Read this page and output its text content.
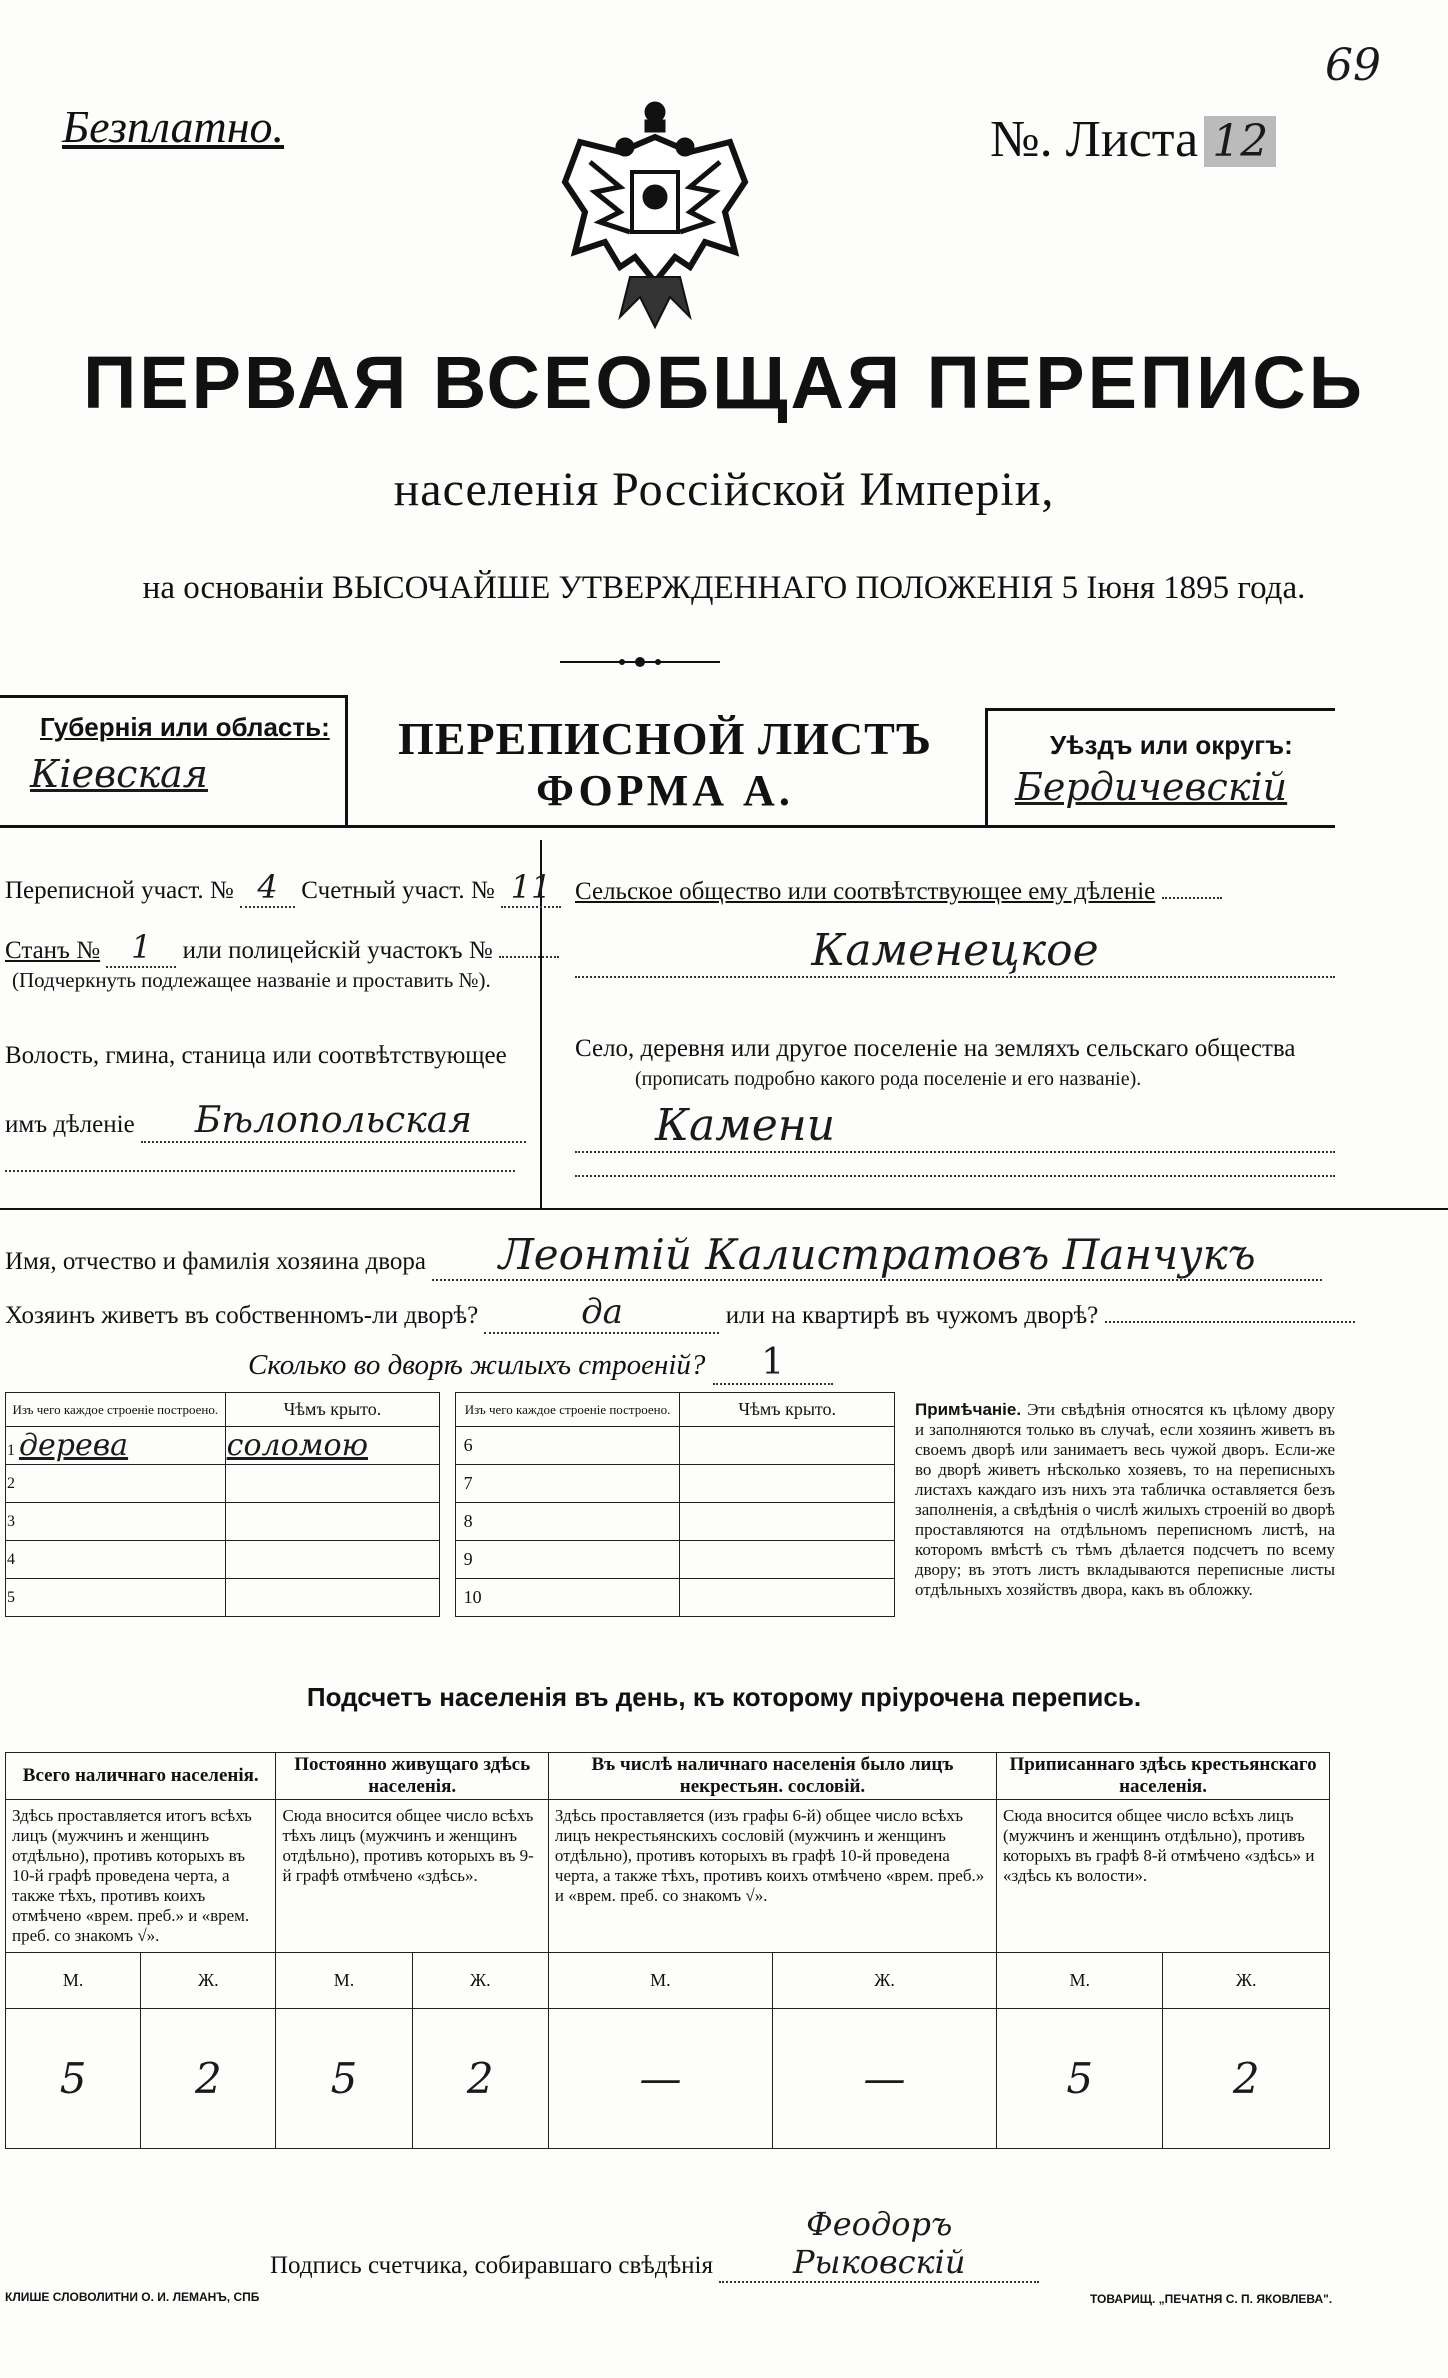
69
Безплатно.	№. Листа 12
ПЕРВАЯ ВСЕОБЩАЯ ПЕРЕПИСЬ
населенія Россійской Имперіи,
на основаніи ВЫСОЧАЙШЕ УТВЕРЖДЕННАГО ПОЛОЖЕНІЯ 5 Іюня 1895 года.
Губернія или область:
Кіевская
ПЕРЕПИСНОЙ ЛИСТЪ
ФОРМА А.
Уѣздъ или округъ:
Бердичевскій
Переписной участ. № 4 Счетный участ. № 11
Станъ № 1 или полицейскій участокъ №
(Подчеркнуть подлежащее названіе и проставить №).
Волость, гмина, станица или соотвѣтствующее
имъ дѣленіе Бѣлопольская
Сельское общество или соотвѣтствующее ему дѣленіе
Каменецкое
Село, деревня или другое поселеніе на земляхъ сельскаго общества
(прописать подробно какого рода поселеніе и его названіе).
Камени
Имя, отчество и фамилія хозяина двора Леонтій Калистратовъ Панчукъ
Хозяинъ живетъ въ собственномъ-ли дворѣ?	да	или на квартирѣ въ чужомъ дворѣ?
Сколько во дворѣ жилыхъ строеній? 1
Изъ чего каждое строеніе построено.	Чѣмъ крыто.		Изъ чего каждое строеніе построено.	Чѣмъ крыто.
1 дерева	соломою		6	
2			7	
3			8	
4			9	
5			10	
Примѣчаніе. Эти свѣдѣнія относятся къ цѣлому двору и заполняются только въ случаѣ, если хозяинъ живетъ въ своемъ дворѣ или занимаетъ весь чужой дворъ. Если-же во дворѣ живетъ нѣсколько хозяевъ, то на переписныхъ листахъ каждаго изъ нихъ эта табличка оставляется безъ заполненія, а свѣдѣнія о числѣ жилыхъ строеній во дворѣ проставляются на отдѣльномъ переписномъ листѣ, на которомъ вмѣстѣ съ тѣмъ дѣлается подсчетъ по всему двору; въ этотъ листъ вкладываются переписные листы отдѣльныхъ хозяйствъ двора, какъ въ обложку.
Подсчетъ населенія въ день, къ которому пріурочена перепись.
Всего наличнаго населенія.		Постоянно живущаго здѣсь населенія.		Въ числѣ наличнаго населенія было лицъ некрестьян. сословій.		Приписаннаго здѣсь крестьянскаго населенія.	
Здѣсь проставляется итогъ всѣхъ лицъ (мужчинъ и женщинъ отдѣльно), противъ которыхъ въ 10-й графѣ проведена черта, а также тѣхъ, противъ коихъ отмѣчено «врем. преб.» и «врем. преб. со знакомъ √».		Сюда вносится общее число всѣхъ тѣхъ лицъ (мужчинъ и женщинъ отдѣльно), противъ которыхъ въ 9-й графѣ отмѣчено «здѣсь».		Здѣсь проставляется (изъ графы 6-й) общее число всѣхъ лицъ некрестьянскихъ сословій (мужчинъ и женщинъ отдѣльно), противъ которыхъ въ графѣ 10-й проведена черта, а также тѣхъ, противъ коихъ отмѣчено «врем. преб.» и «врем. преб. со знакомъ √».		Сюда вносится общее число всѣхъ лицъ (мужчинъ и женщинъ отдѣльно), противъ которыхъ въ графѣ 8-й отмѣчено «здѣсь» и «здѣсь къ волости».	
М.	Ж.	М.	Ж.	М.	Ж.	М.	Ж.
5	2	5	2	—	—	5	2
Подпись счетчика, собиравшаго свѣдѣнія Феодоръ Рыковскій
КЛИШЕ СЛОВОЛИТНИ О. И. ЛЕМАНЪ, СПБ	ТОВАРИЩ. „ПЕЧАТНЯ С. П. ЯКОВЛЕВА".
